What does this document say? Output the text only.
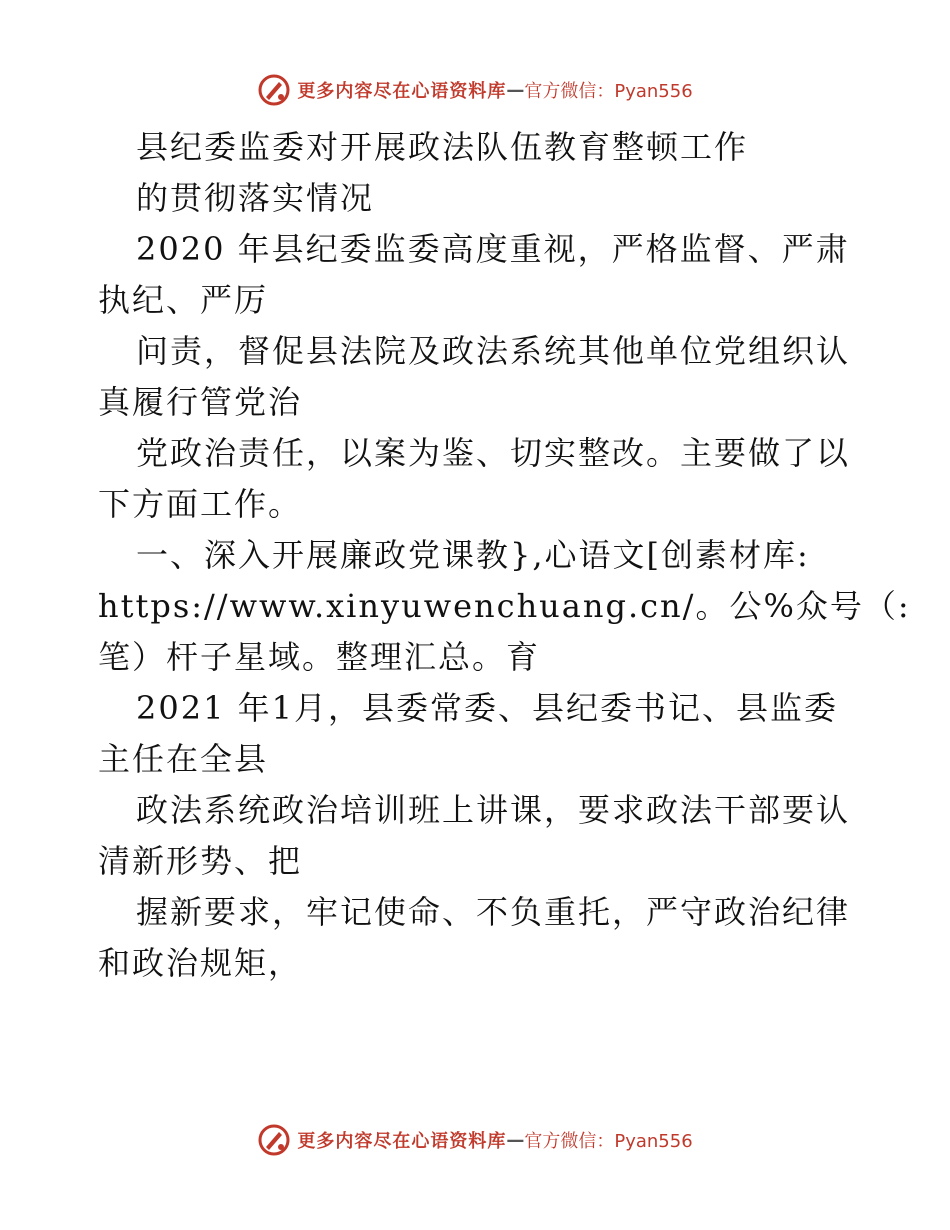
更多内容尽在心语资料库 — 官方微信：Pyan556
县纪委监委对开展政法队伍教育整顿工作
的贯彻落实情况
2020 年县纪委监委高度重视，严格监督、严肃
执纪、严厉
问责，督促县法院及政法系统其他单位党组织认
真履行管党治
党政治责任，以案为鉴、切实整改。主要做了以
下方面工作。
一、深入开展廉政党课教},心语文[创素材库:
https://www.xinyuwenchuang.cn/。公%众号（:
笔）杆子星域。整理汇总。育
2021 年1月，县委常委、县纪委书记、县监委
主任在全县
政法系统政治培训班上讲课，要求政法干部要认
清新形势、把
握新要求，牢记使命、不负重托，严守政治纪律
和政治规矩，
更多内容尽在心语资料库 — 官方微信：Pyan556
